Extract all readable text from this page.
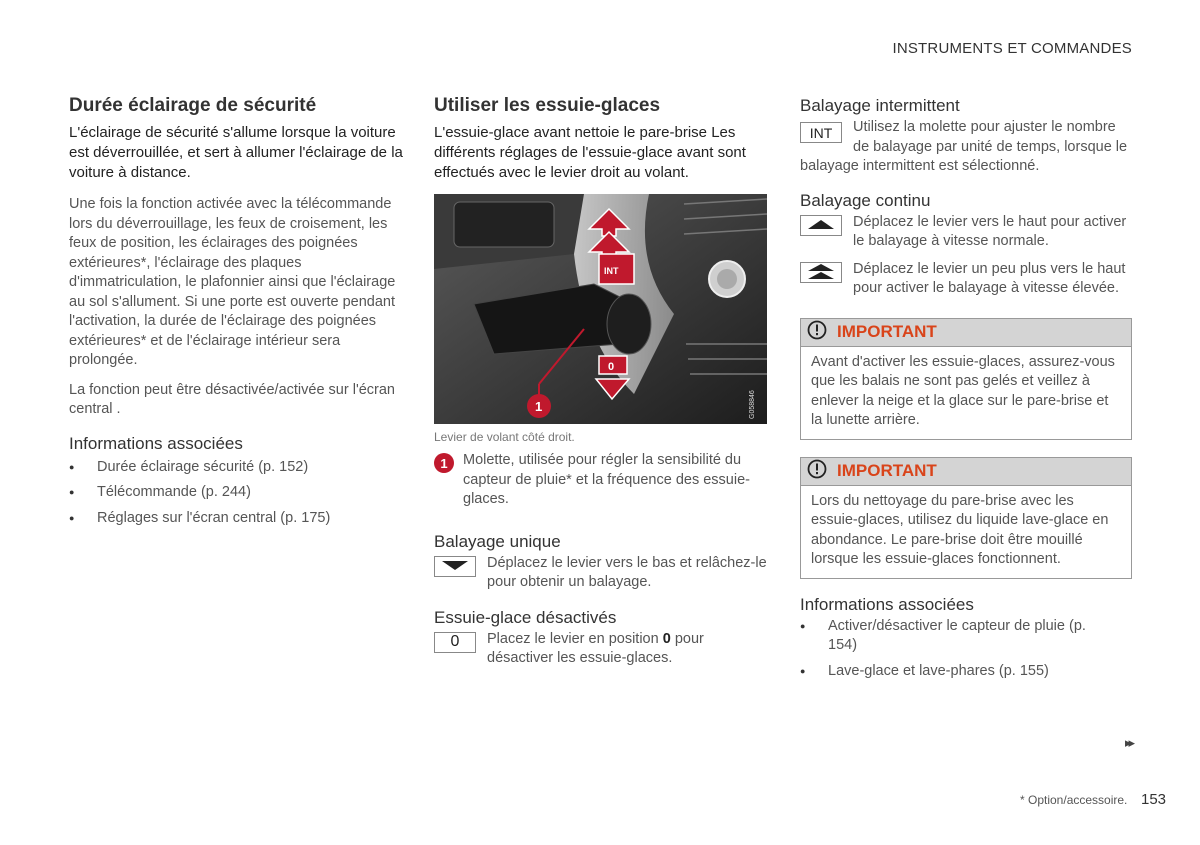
INSTRUMENTS ET COMMANDES
Durée éclairage de sécurité

L'éclairage de sécurité s'allume lorsque la voiture est déverrouillée, et sert à allumer l'éclairage de la voiture à distance.

Une fois la fonction activée avec la télécommande lors du déverrouillage, les feux de croisement, les feux de position, les éclairages des poignées extérieures*, l'éclairage des plaques d'immatriculation, le plafonnier ainsi que l'éclairage au sol s'allument. Si une porte est ouverte pendant l'activation, la durée de l'éclairage des poignées extérieures* et de l'éclairage intérieur sera prolongée.

La fonction peut être désactivée/activée sur l'écran central .

Informations associées
● Durée éclairage sécurité (p. 152)
● Télécommande (p. 244)
● Réglages sur l'écran central (p. 175)
Utiliser les essuie-glaces

L'essuie-glace avant nettoie le pare-brise Les différents réglages de l'essuie-glace avant sont effectués avec le levier droit au volant.

INT
0
1	G058846
Levier de volant côté droit.
1	Molette, utilisée pour régler la sensibilité du capteur de pluie* et la fréquence des essuie-glaces.

Balayage unique

Déplacez le levier vers le bas et relâchez-le pour obtenir un balayage.

Essuie-glace désactivés
0	Placez le levier en position 0 pour désactiver les essuie-glaces.

Balayage intermittent
INT	Utilisez la molette pour ajuster le nombre de balayage par unité de temps, lorsque le balayage intermittent est sélectionné.

Balayage continu

Déplacez le levier vers le haut pour activer le balayage à vitesse normale.

Déplacez le levier un peu plus vers le haut pour activer le balayage à vitesse élevée.

IMPORTANT
Avant d'activer les essuie-glaces, assurez-vous que les balais ne sont pas gelés et veillez à enlever la neige et la glace sur le pare-brise et la lunette arrière.
IMPORTANT
Lors du nettoyage du pare-brise avec les essuie-glaces, utilisez du liquide lave-glace en abondance. Le pare-brise doit être mouillé lorsque les essuie-glaces fonctionnent.
Informations associées
● Activer/désactiver le capteur de pluie (p. 154)
● Lave-glace et lave-phares (p. 155)
▸▸
* Option/accessoire. 153
